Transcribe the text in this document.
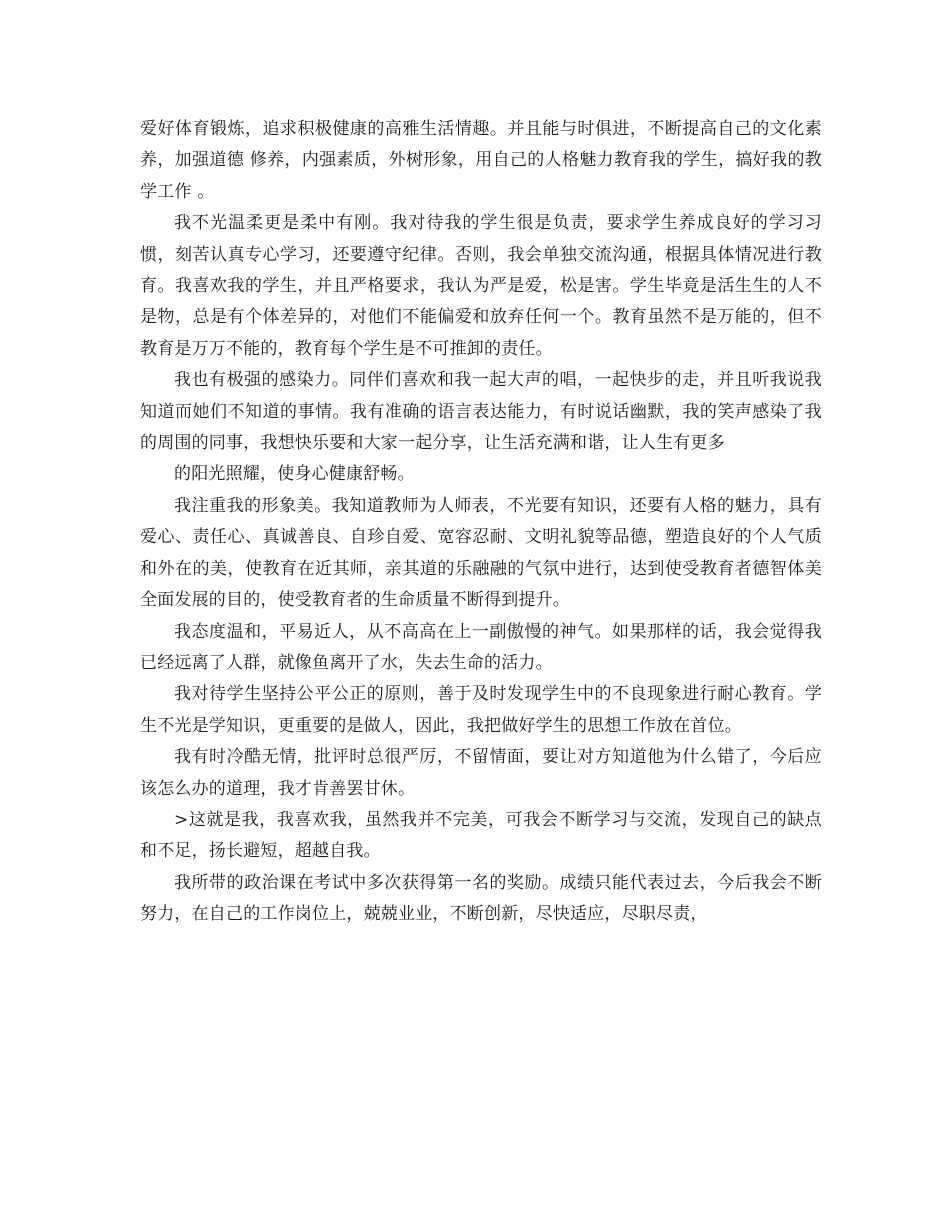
爱好体育锻炼，追求积极健康的高雅生活情趣。并且能与时俱进，不断提高自己的文化素养，加强道德 修养，内强素质，外树形象，用自己的人格魅力教育我的学生，搞好我的教学工作 。

我不光温柔更是柔中有刚。我对待我的学生很是负责，要求学生养成良好的学习习惯，刻苦认真专心学习，还要遵守纪律。否则，我会单独交流沟通，根据具体情况进行教育。我喜欢我的学生，并且严格要求，我认为严是爱，松是害。学生毕竟是活生生的人不是物，总是有个体差异的，对他们不能偏爱和放弃任何一个。教育虽然不是万能的，但不教育是万万不能的，教育每个学生是不可推卸的责任。

我也有极强的感染力。同伴们喜欢和我一起大声的唱，一起快步的走，并且听我说我知道而她们不知道的事情。我有准确的语言表达能力，有时说话幽默，我的笑声感染了我的周围的同事，我想快乐要和大家一起分享，让生活充满和谐，让人生有更多

的阳光照耀，使身心健康舒畅。

我注重我的形象美。我知道教师为人师表，不光要有知识，还要有人格的魅力，具有爱心、责任心、真诚善良、自珍自爱、宽容忍耐、文明礼貌等品德，塑造良好的个人气质和外在的美，使教育在近其师，亲其道的乐融融的气氛中进行，达到使受教育者德智体美全面发展的目的，使受教育者的生命质量不断得到提升。

我态度温和，平易近人，从不高高在上一副傲慢的神气。如果那样的话，我会觉得我已经远离了人群，就像鱼离开了水，失去生命的活力。

我对待学生坚持公平公正的原则，善于及时发现学生中的不良现象进行耐心教育。学生不光是学知识，更重要的是做人，因此，我把做好学生的思想工作放在首位。

我有时冷酷无情，批评时总很严厉，不留情面，要让对方知道他为什么错了，今后应该怎么办的道理，我才肯善罢甘休。

>这就是我，我喜欢我，虽然我并不完美，可我会不断学习与交流，发现自己的缺点和不足，扬长避短，超越自我。

我所带的政治课在考试中多次获得第一名的奖励。成绩只能代表过去，今后我会不断努力，在自己的工作岗位上，兢兢业业，不断创新，尽快适应，尽职尽责，
